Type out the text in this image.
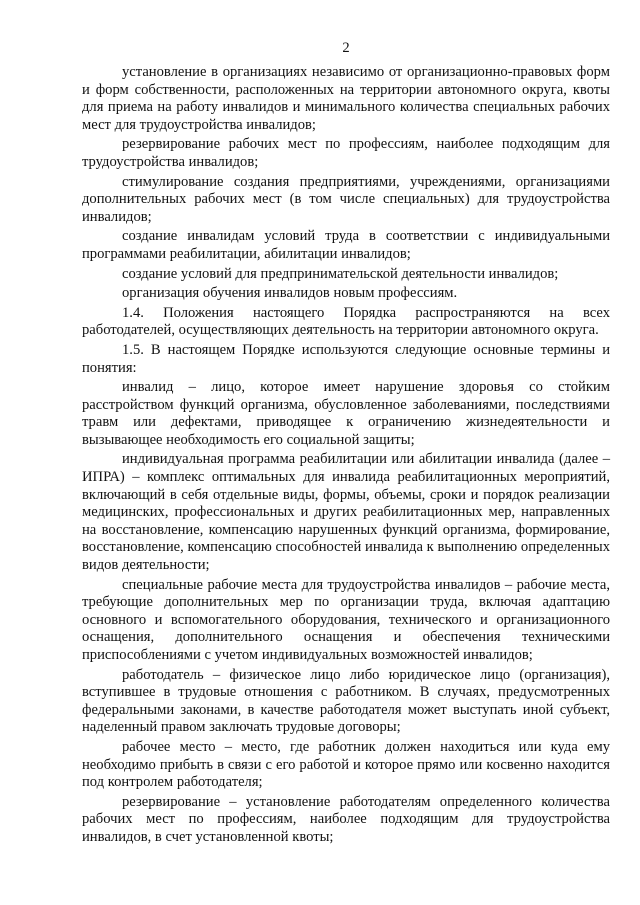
2

установление в организациях независимо от организационно-правовых форм и форм собственности, расположенных на территории автономного округа, квоты для приема на работу инвалидов и минимального количества специальных рабочих мест для трудоустройства инвалидов;

резервирование рабочих мест по профессиям, наиболее подходящим для трудоустройства инвалидов;

стимулирование создания предприятиями, учреждениями, организациями дополнительных рабочих мест (в том числе специальных) для трудоустройства инвалидов;

создание инвалидам условий труда в соответствии с индивидуальными программами реабилитации, абилитации инвалидов;

создание условий для предпринимательской деятельности инвалидов;

организация обучения инвалидов новым профессиям.

1.4. Положения настоящего Порядка распространяются на всех работодателей, осуществляющих деятельность на территории автономного округа.

1.5. В настоящем Порядке используются следующие основные термины и понятия:

инвалид – лицо, которое имеет нарушение здоровья со стойким расстройством функций организма, обусловленное заболеваниями, последствиями травм или дефектами, приводящее к ограничению жизнедеятельности и вызывающее необходимость его социальной защиты;

индивидуальная программа реабилитации или абилитации инвалида (далее – ИПРА) – комплекс оптимальных для инвалида реабилитационных мероприятий, включающий в себя отдельные виды, формы, объемы, сроки и порядок реализации медицинских, профессиональных и других реабилитационных мер, направленных на восстановление, компенсацию нарушенных функций организма, формирование, восстановление, компенсацию способностей инвалида к выполнению определенных видов деятельности;

специальные рабочие места для трудоустройства инвалидов – рабочие места, требующие дополнительных мер по организации труда, включая адаптацию основного и вспомогательного оборудования, технического и организационного оснащения, дополнительного оснащения и обеспечения техническими приспособлениями с учетом индивидуальных возможностей инвалидов;

работодатель – физическое лицо либо юридическое лицо (организация), вступившее в трудовые отношения с работником. В случаях, предусмотренных федеральными законами, в качестве работодателя может выступать иной субъект, наделенный правом заключать трудовые договоры;

рабочее место – место, где работник должен находиться или куда ему необходимо прибыть в связи с его работой и которое прямо или косвенно находится под контролем работодателя;

резервирование – установление работодателям определенного количества рабочих мест по профессиям, наиболее подходящим для трудоустройства инвалидов, в счет установленной квоты;
